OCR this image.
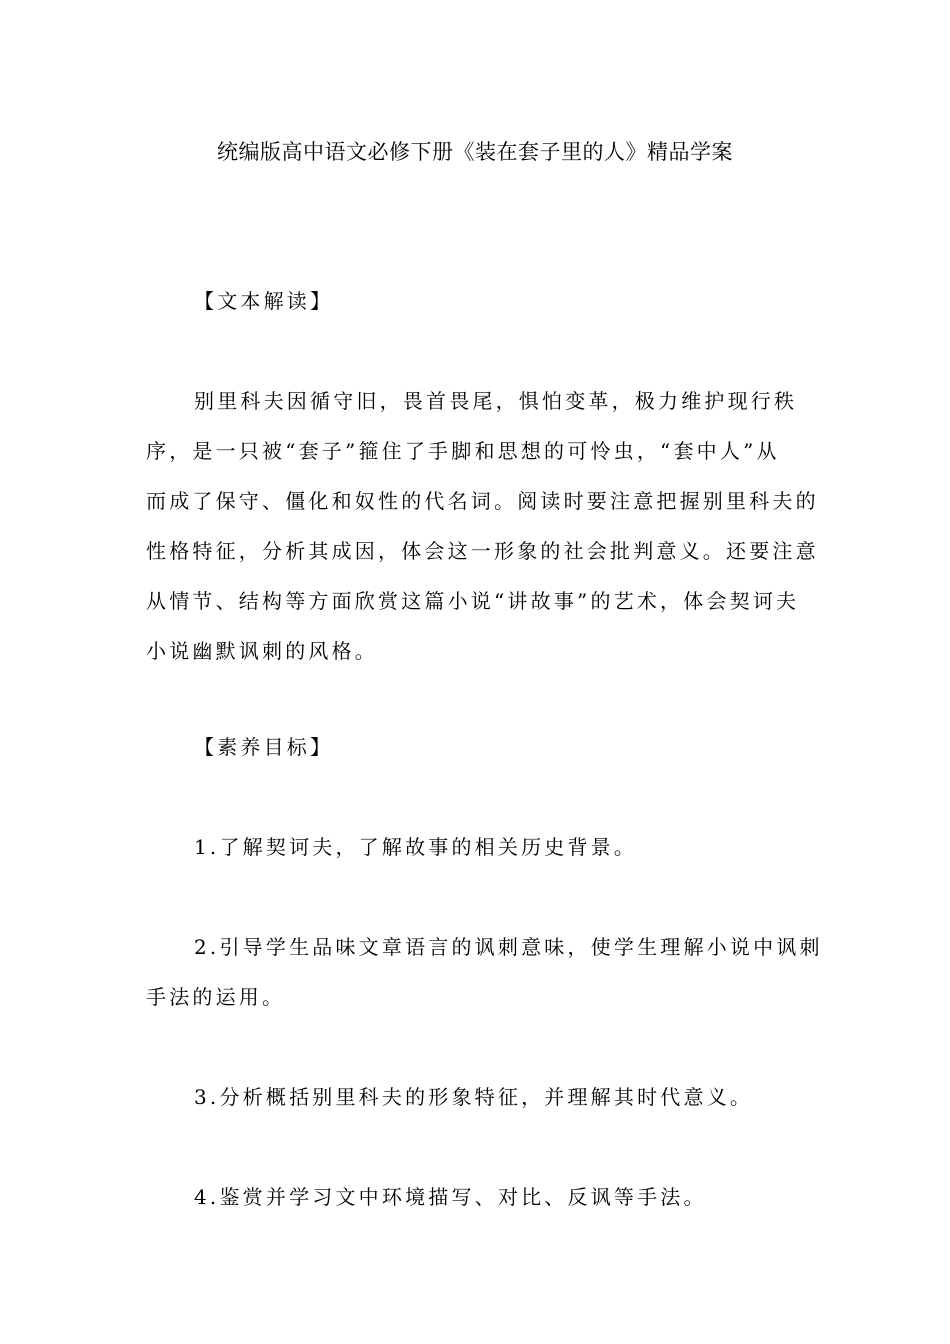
统编版高中语文必修下册《装在套子里的人》精品学案
【文本解读】
别里科夫因循守旧，畏首畏尾，惧怕变革，极力维护现行秩
序，是一只被“套子”箍住了手脚和思想的可怜虫，“套中人”从
而成了保守、僵化和奴性的代名词。阅读时要注意把握别里科夫的
性格特征，分析其成因，体会这一形象的社会批判意义。还要注意
从情节、结构等方面欣赏这篇小说“讲故事”的艺术，体会契诃夫
小说幽默讽刺的风格。
【素养目标】
1.了解契诃夫，了解故事的相关历史背景。
2.引导学生品味文章语言的讽刺意味，使学生理解小说中讽刺
手法的运用。
3.分析概括别里科夫的形象特征，并理解其时代意义。
4.鉴赏并学习文中环境描写、对比、反讽等手法。
